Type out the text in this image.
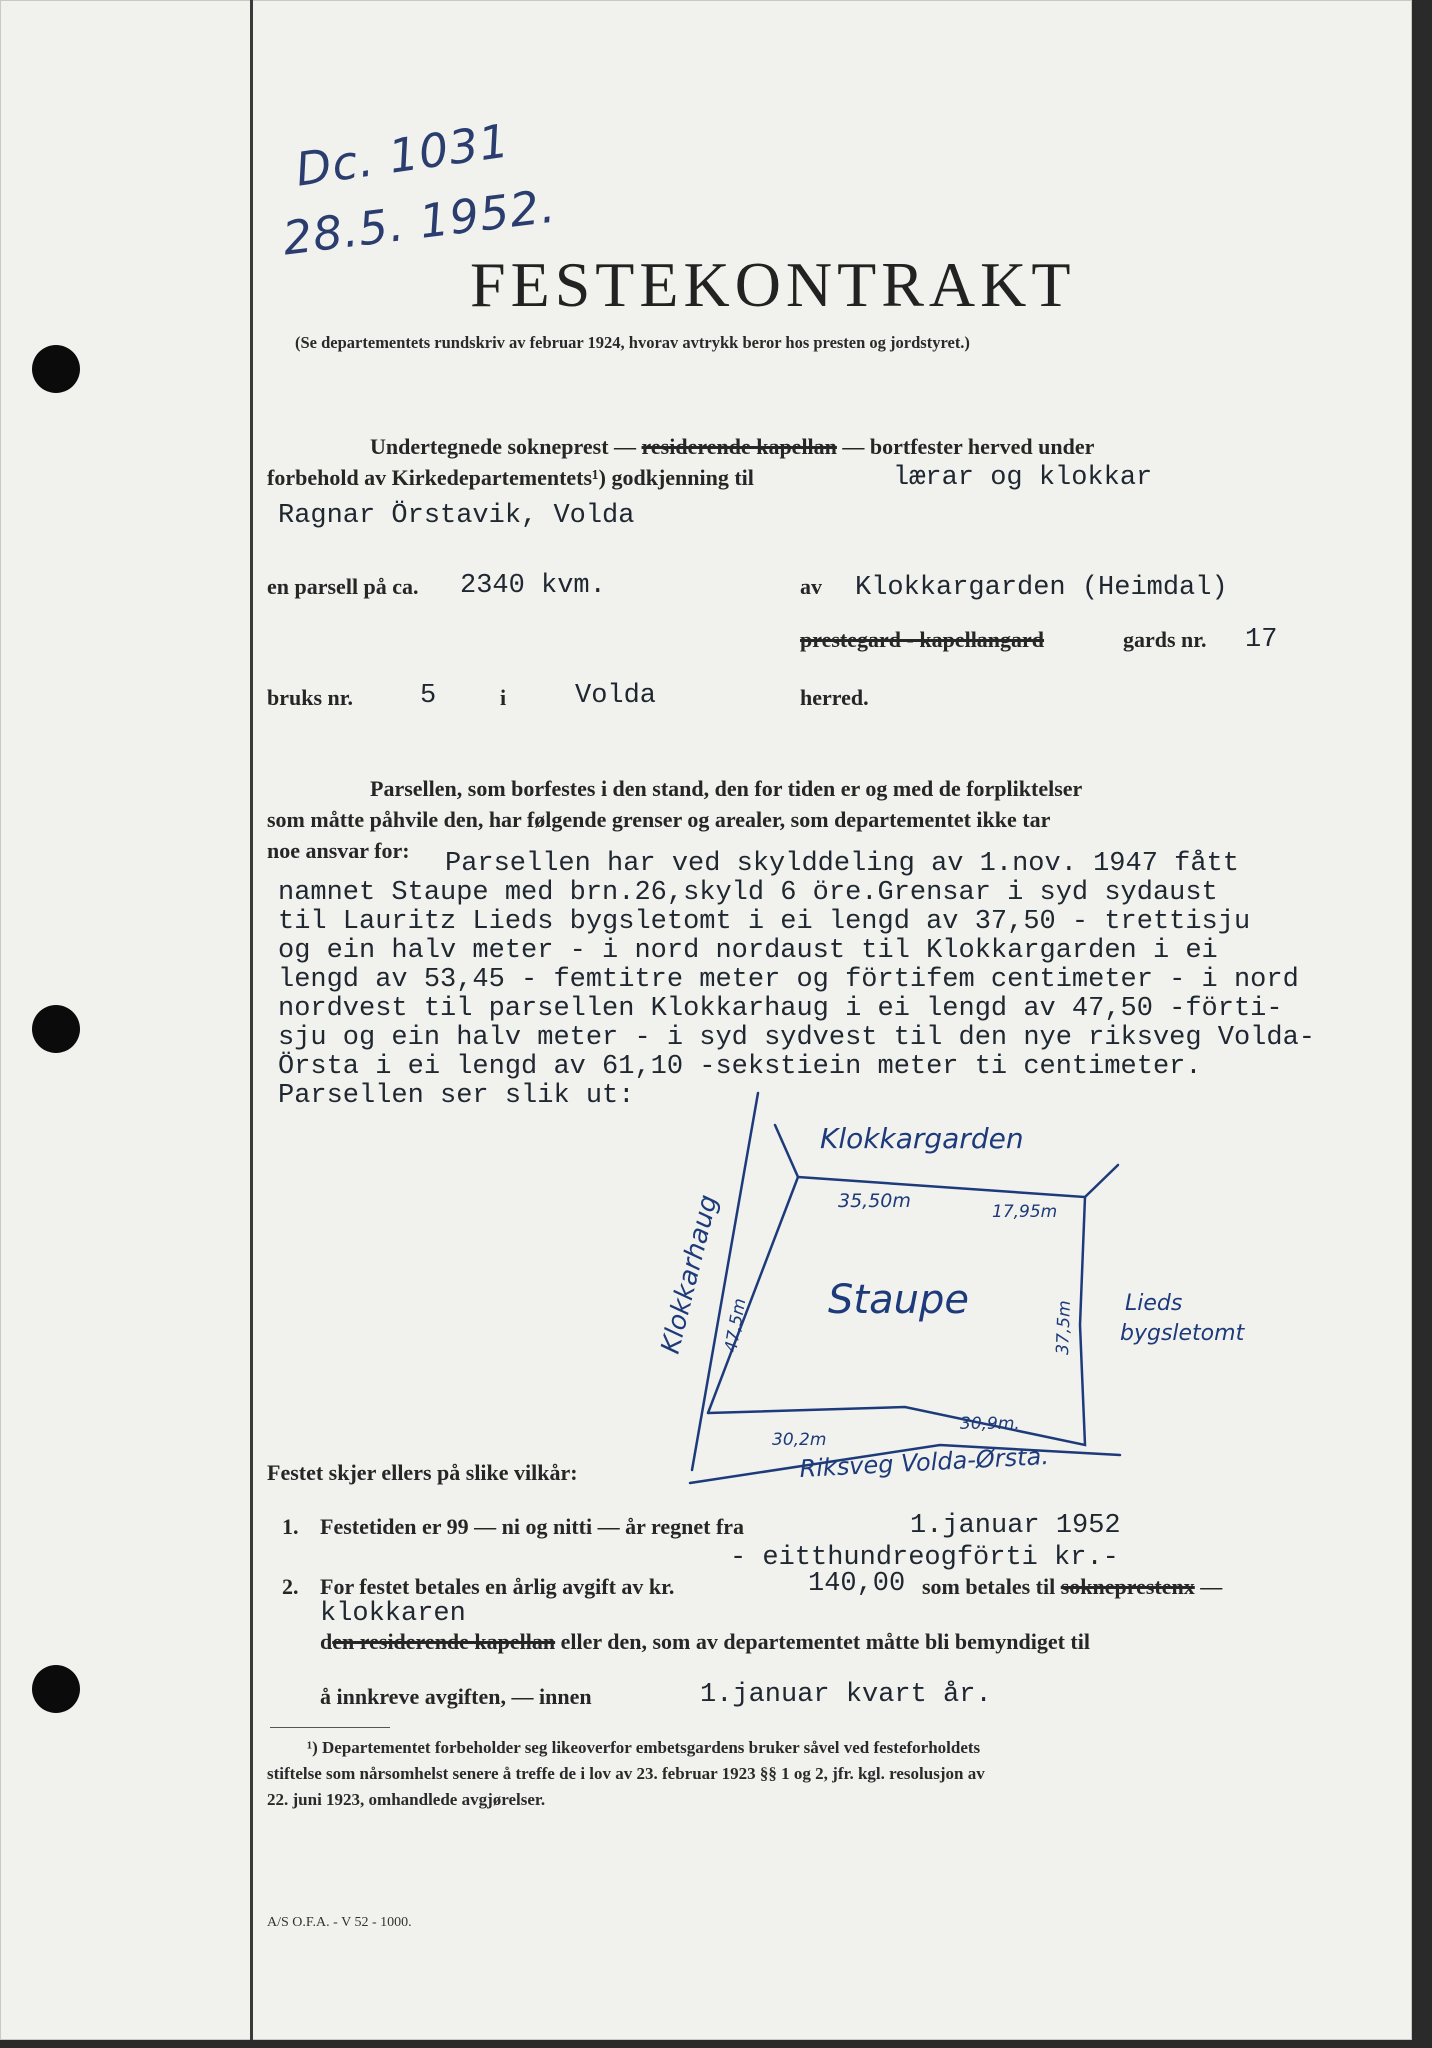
Dc. 1031
28.5. 1952.
FESTEKONTRAKT
(Se departementets rundskriv av februar 1924, hvorav avtrykk beror hos presten og jordstyret.)
Undertegnede sokneprest — residerende kapellan — bortfester herved under
forbehold av Kirkedepartementets¹) godkjenning til	lærar og klokkar
Ragnar Örstavik, Volda
en parsell på ca. 2340 kvm.	av Klokkargarden (Heimdal)
prestegard - kapellangard	gards nr. 17
bruks nr. 5	i	Volda	herred.
Parsellen, som borfestes i den stand, den for tiden er og med de forpliktelser
som måtte påhvile den, har følgende grenser og arealer, som departementet ikke tar
noe ansvar for: Parsellen har ved skylddeling av 1.nov. 1947 fått
namnet Staupe med brn.26,skyld 6 öre.Grensar i syd sydaust
til Lauritz Lieds bygsletomt i ei lengd av 37,50 - trettisju
og ein halv meter - i nord nordaust til Klokkargarden i ei
lengd av 53,45 - femtitre meter og förtifem centimeter - i nord
nordvest til parsellen Klokkarhaug i ei lengd av 47,50 -förti-
sju og ein halv meter - i syd sydvest til den nye riksveg Volda-
Örsta i ei lengd av 61,10 -sekstiein meter ti centimeter.
Parsellen ser slik ut:
Klokkargarden
35,50m	17,95m
Klokkarhaug
47,5m Staupe
37,5m Lieds
bygsletomt
30,2m
30,9m.
Riksveg Volda-Ørsta.
Festet skjer ellers på slike vilkår:
1. Festetiden er 99 — ni og nitti — år regnet fra	1.januar 1952
- eitthundreogförti kr.-
2. For festet betales en årlig avgift av kr.	140,00 som betales til sokneprestenx —
klokkaren
den residerende kapellan eller den, som av departementet måtte bli bemyndiget til
å innkreve avgiften, — innen	1.januar kvart år.
¹) Departementet forbeholder seg likeoverfor embetsgardens bruker såvel ved festeforholdets
stiftelse som nårsomhelst senere å treffe de i lov av 23. februar 1923 §§ 1 og 2, jfr. kgl. resolusjon av
22. juni 1923, omhandlede avgjørelser.
A/S O.F.A. - V 52 - 1000.
